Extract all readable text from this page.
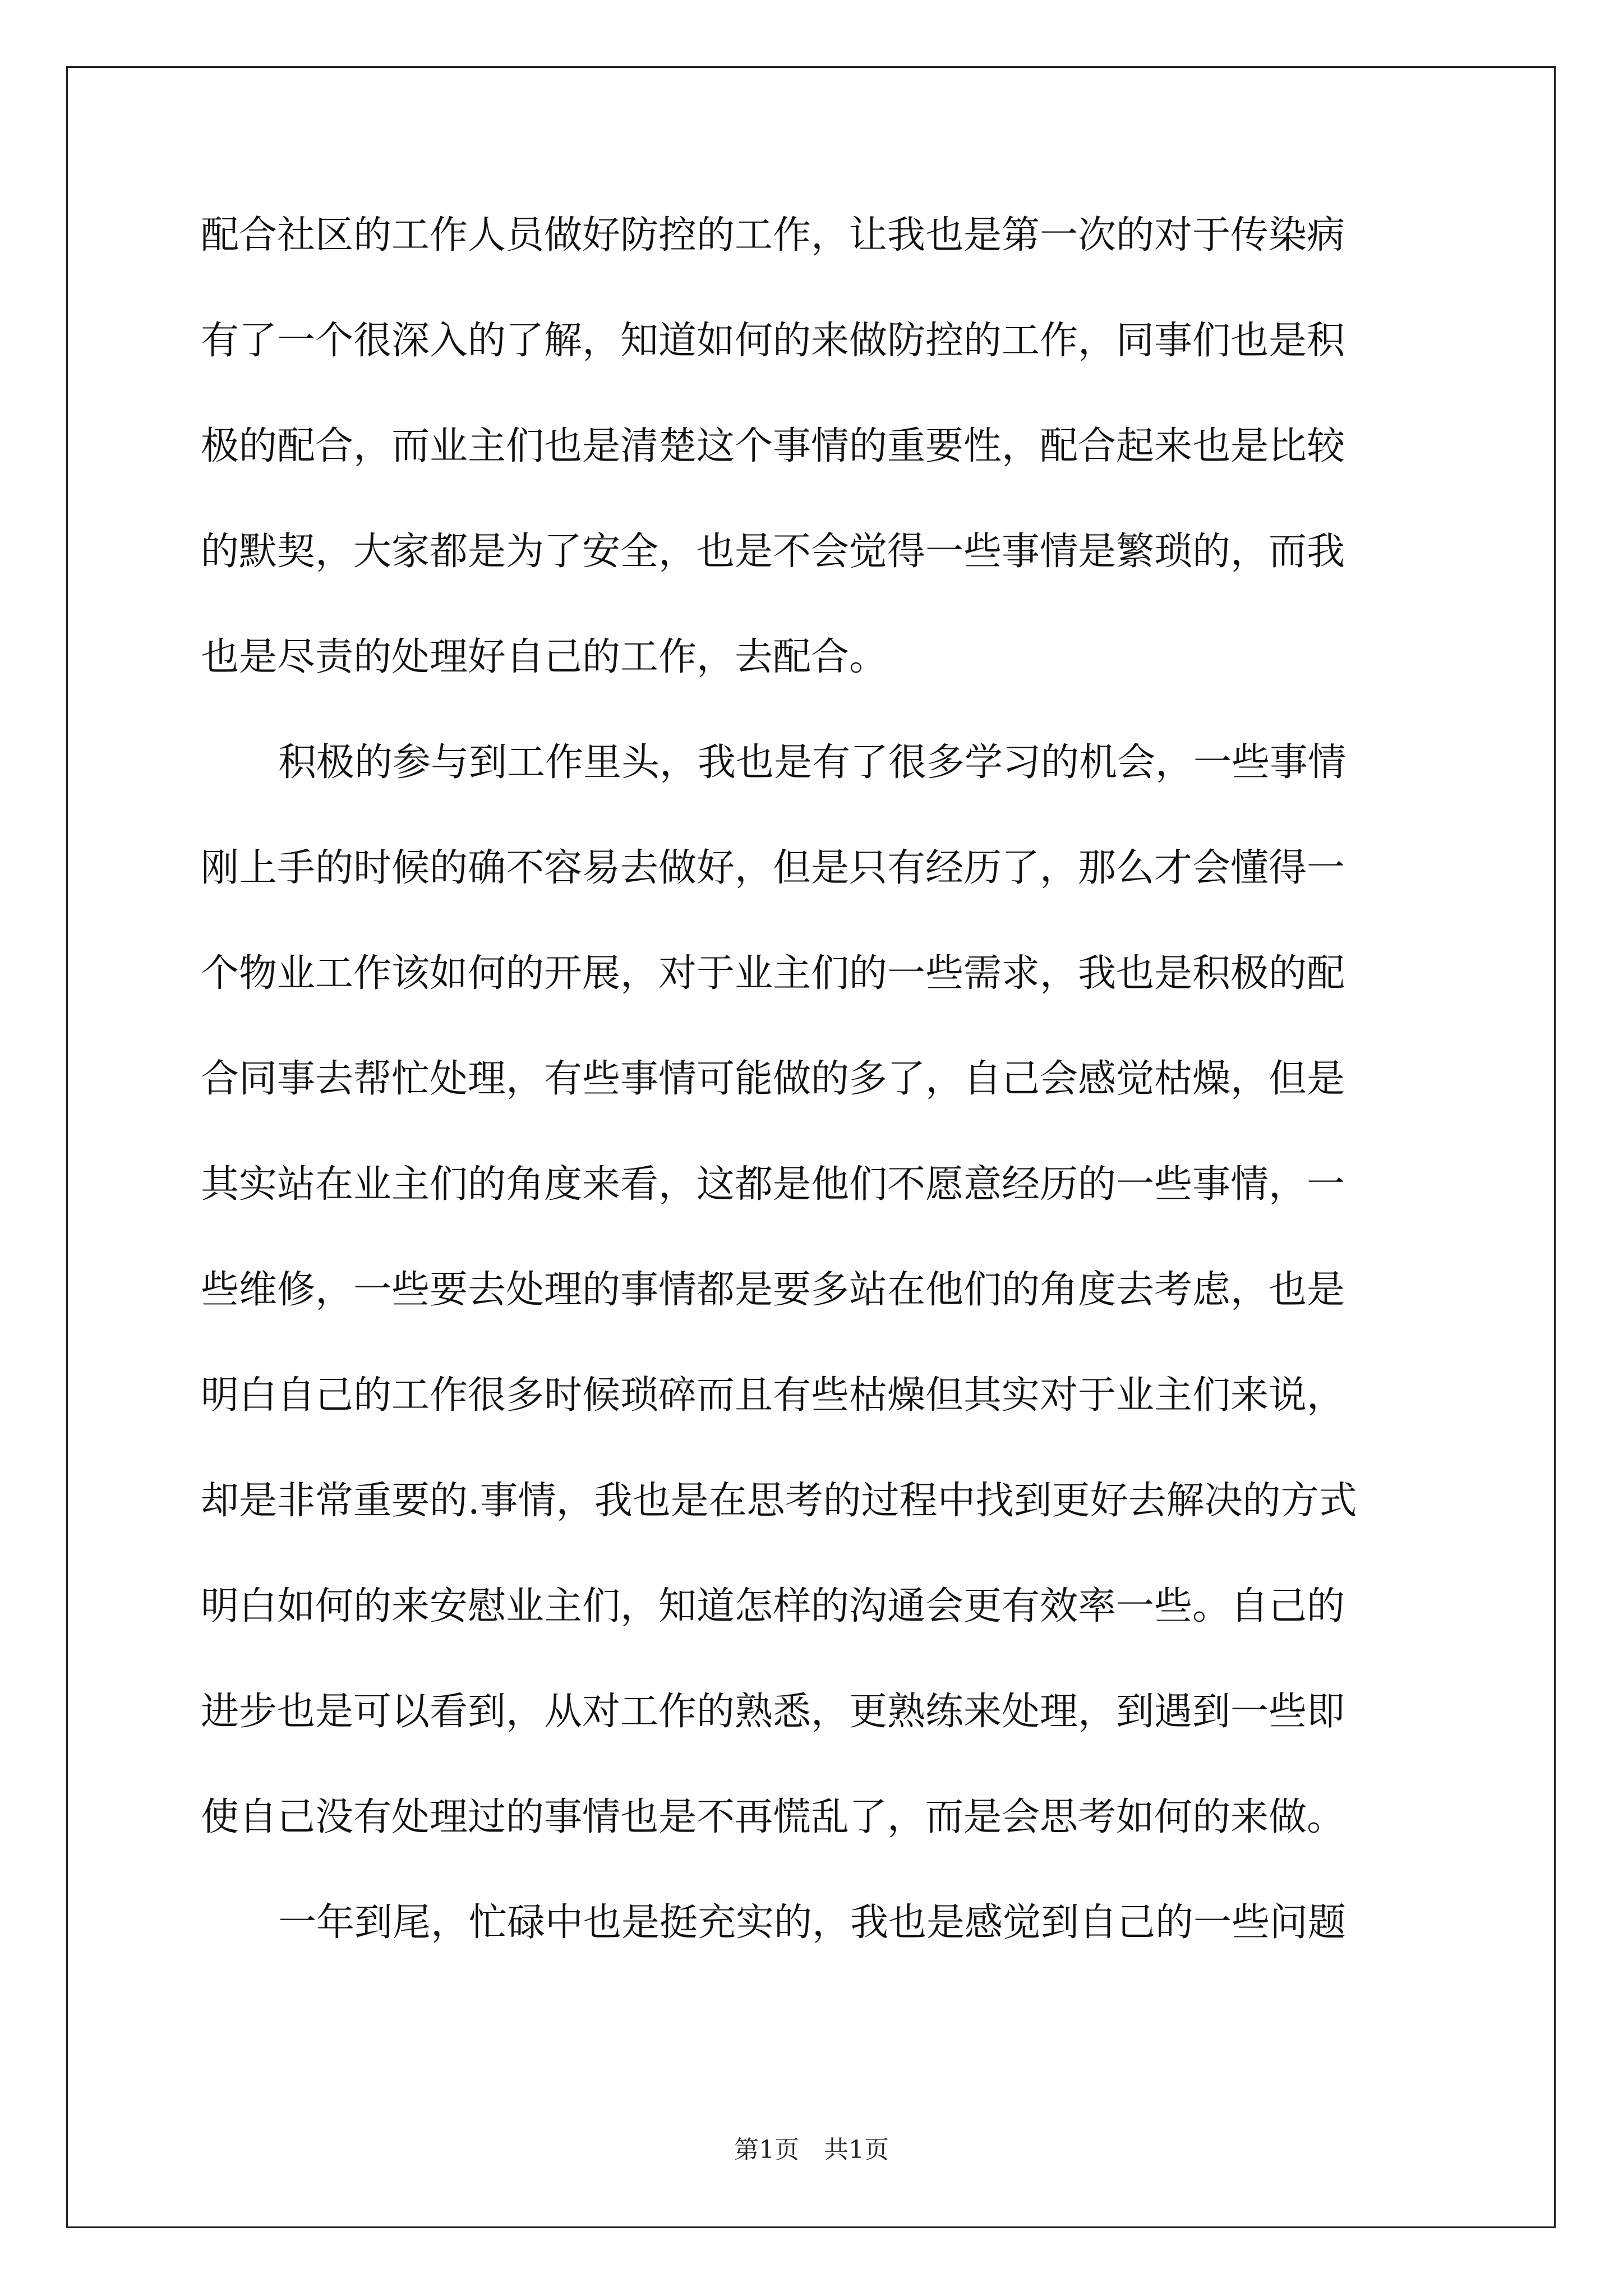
配合社区的工作人员做好防控的工作，让我也是第一次的对于传染病
有了一个很深入的了解，知道如何的来做防控的工作，同事们也是积
极的配合，而业主们也是清楚这个事情的重要性，配合起来也是比较
的默契，大家都是为了安全，也是不会觉得一些事情是繁琐的，而我
也是尽责的处理好自己的工作，去配合。
积极的参与到工作里头，我也是有了很多学习的机会，一些事情
刚上手的时候的确不容易去做好，但是只有经历了，那么才会懂得一
个物业工作该如何的开展，对于业主们的一些需求，我也是积极的配
合同事去帮忙处理，有些事情可能做的多了，自己会感觉枯燥，但是
其实站在业主们的角度来看，这都是他们不愿意经历的一些事情，一
些维修，一些要去处理的事情都是要多站在他们的角度去考虑，也是
明白自己的工作很多时候琐碎而且有些枯燥但其实对于业主们来说，
却是非常重要的.事情，我也是在思考的过程中找到更好去解决的方式
明白如何的来安慰业主们，知道怎样的沟通会更有效率一些。自己的
进步也是可以看到，从对工作的熟悉，更熟练来处理，到遇到一些即
使自己没有处理过的事情也是不再慌乱了，而是会思考如何的来做。
一年到尾，忙碌中也是挺充实的，我也是感觉到自己的一些问题
第1页　共1页
